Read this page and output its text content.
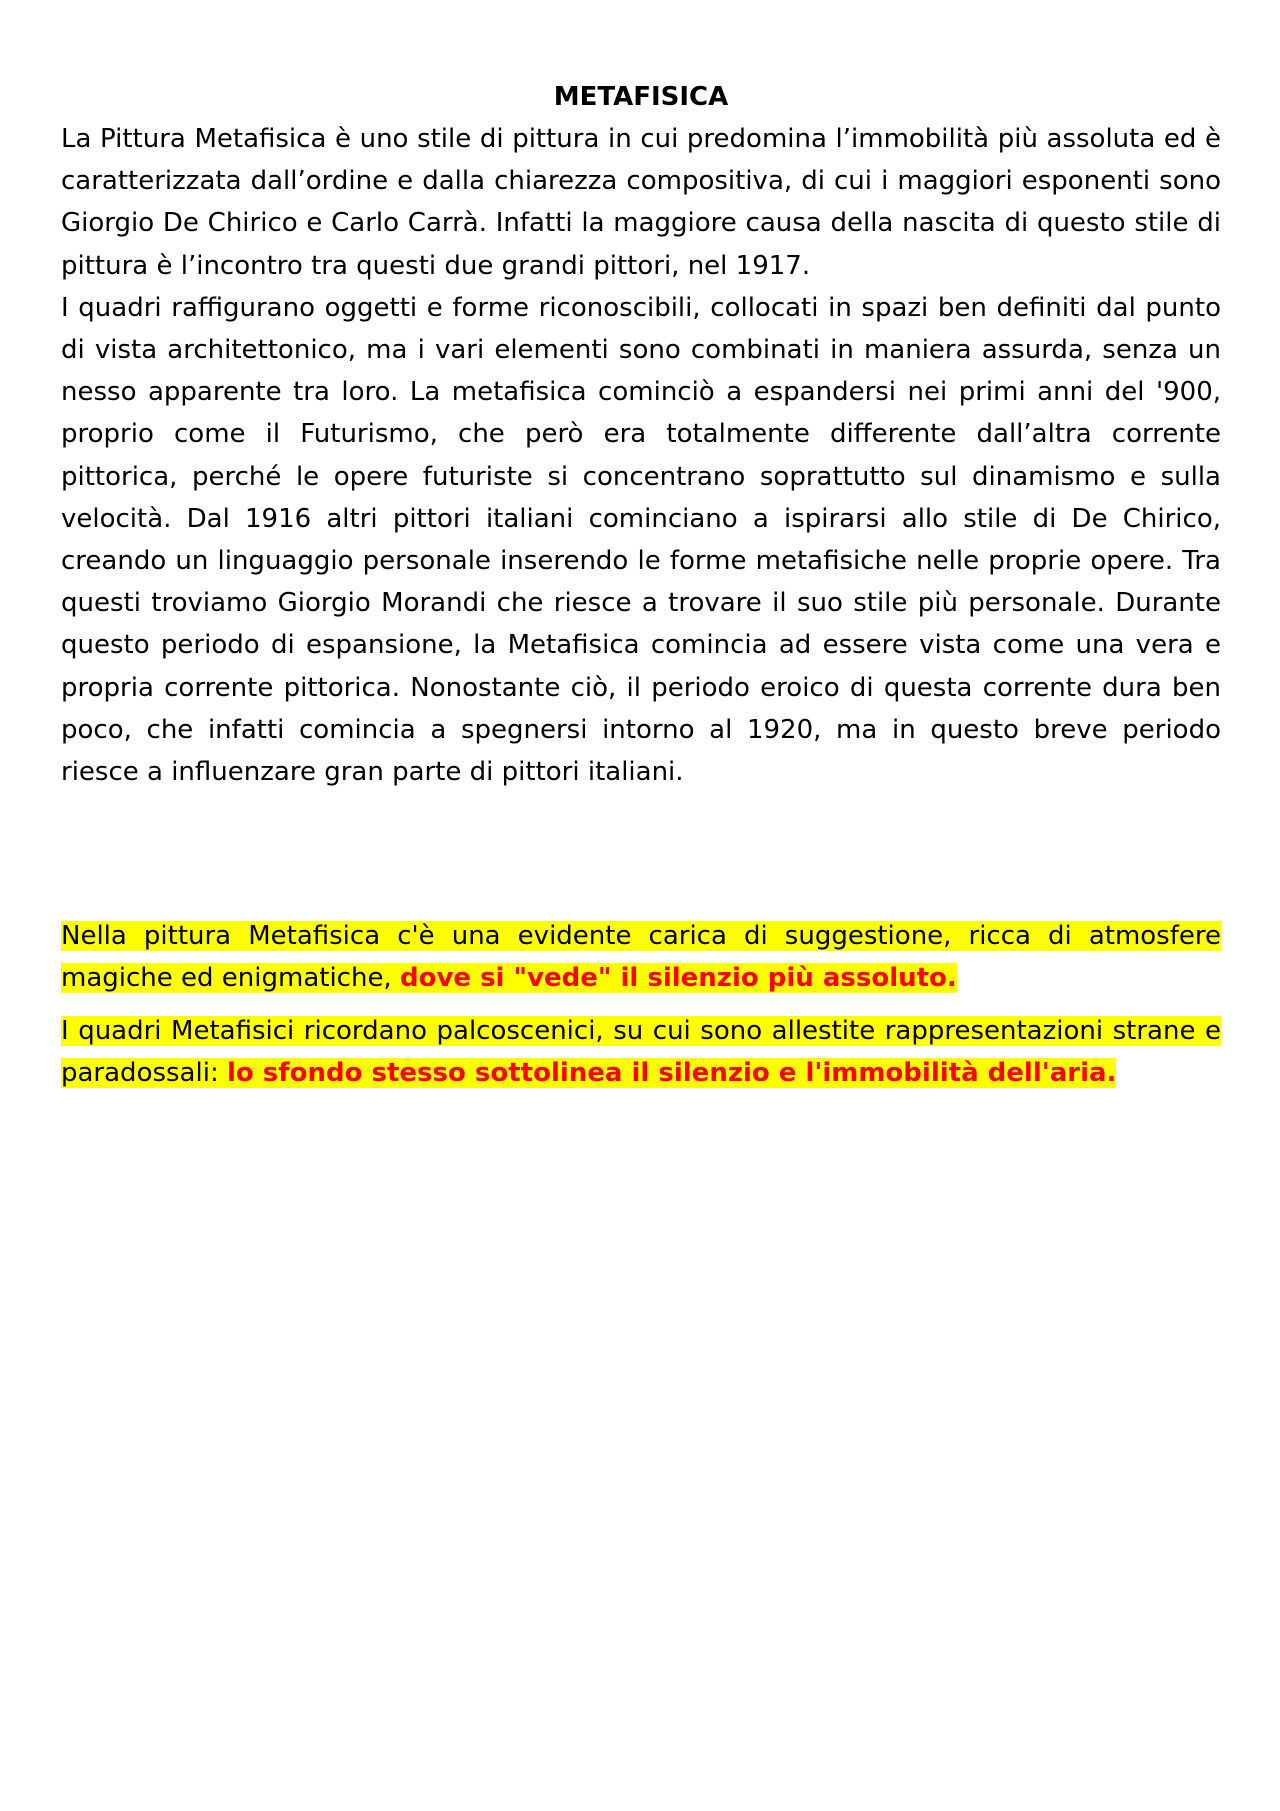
METAFISICA

La Pittura Metafisica è uno stile di pittura in cui predomina l’immobilità più assoluta ed è caratterizzata dall’ordine e dalla chiarezza compositiva, di cui i maggiori esponenti sono Giorgio De Chirico e Carlo Carrà. Infatti la maggiore causa della nascita di questo stile di pittura è l’incontro tra questi due grandi pittori, nel 1917.

I quadri raffigurano oggetti e forme riconoscibili, collocati in spazi ben definiti dal punto di vista architettonico, ma i vari elementi sono combinati in maniera assurda, senza un nesso apparente tra loro. La metafisica cominciò a espandersi nei primi anni del '900, proprio come il Futurismo, che però era totalmente differente dall’altra corrente pittorica, perché le opere futuriste si concentrano soprattutto sul dinamismo e sulla velocità. Dal 1916 altri pittori italiani cominciano a ispirarsi allo stile di De Chirico, creando un linguaggio personale inserendo le forme metafisiche nelle proprie opere. Tra questi troviamo Giorgio Morandi che riesce a trovare il suo stile più personale. Durante questo periodo di espansione, la Metafisica comincia ad essere vista come una vera e propria corrente pittorica. Nonostante ciò, il periodo eroico di questa corrente dura ben poco, che infatti comincia a spegnersi intorno al 1920, ma in questo breve periodo riesce a influenzare gran parte di pittori italiani.

Nella pittura Metafisica c'è una evidente carica di suggestione, ricca di atmosfere magiche ed enigmatiche, dove si "vede" il silenzio più assoluto.

I quadri Metafisici ricordano palcoscenici, su cui sono allestite rappresentazioni strane e paradossali: lo sfondo stesso sottolinea il silenzio e l'immobilità dell'aria.
